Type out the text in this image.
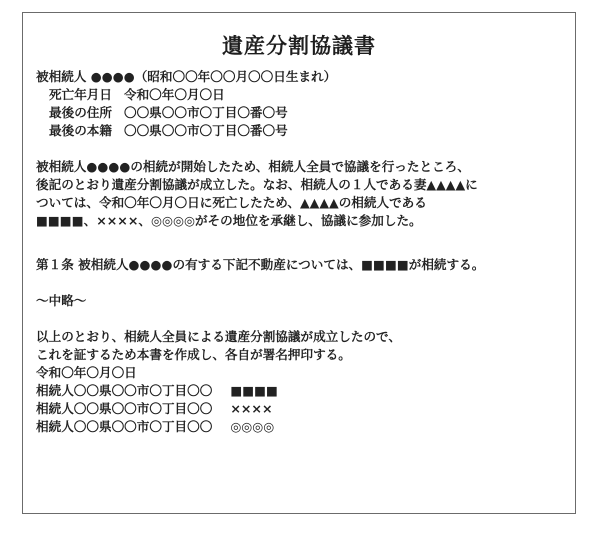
遺産分割協議書
被相続人 ●●●●（昭和〇〇年〇〇月〇〇日生まれ）
死亡年月日 令和〇年〇月〇日
最後の住所 〇〇県〇〇市〇丁目〇番〇号
最後の本籍 〇〇県〇〇市〇丁目〇番〇号
被相続人●●●●の相続が開始したため、相続人全員で協議を行ったところ、
後記のとおり遺産分割協議が成立した。なお、相続人の１人である妻▲▲▲▲に
ついては、令和〇年〇月〇日に死亡したため、▲▲▲▲の相続人である
■■■■、××××、◎◎◎◎がその地位を承継し、協議に参加した。
第１条 被相続人●●●●の有する下記不動産については、■■■■が相続する。
〜中略〜
以上のとおり、相続人全員による遺産分割協議が成立したので、
これを証するため本書を作成し、各自が署名押印する。
令和〇年〇月〇日
相続人〇〇県〇〇市〇丁目〇〇 ■■■■
相続人〇〇県〇〇市〇丁目〇〇 ××××
相続人〇〇県〇〇市〇丁目〇〇 ◎◎◎◎
